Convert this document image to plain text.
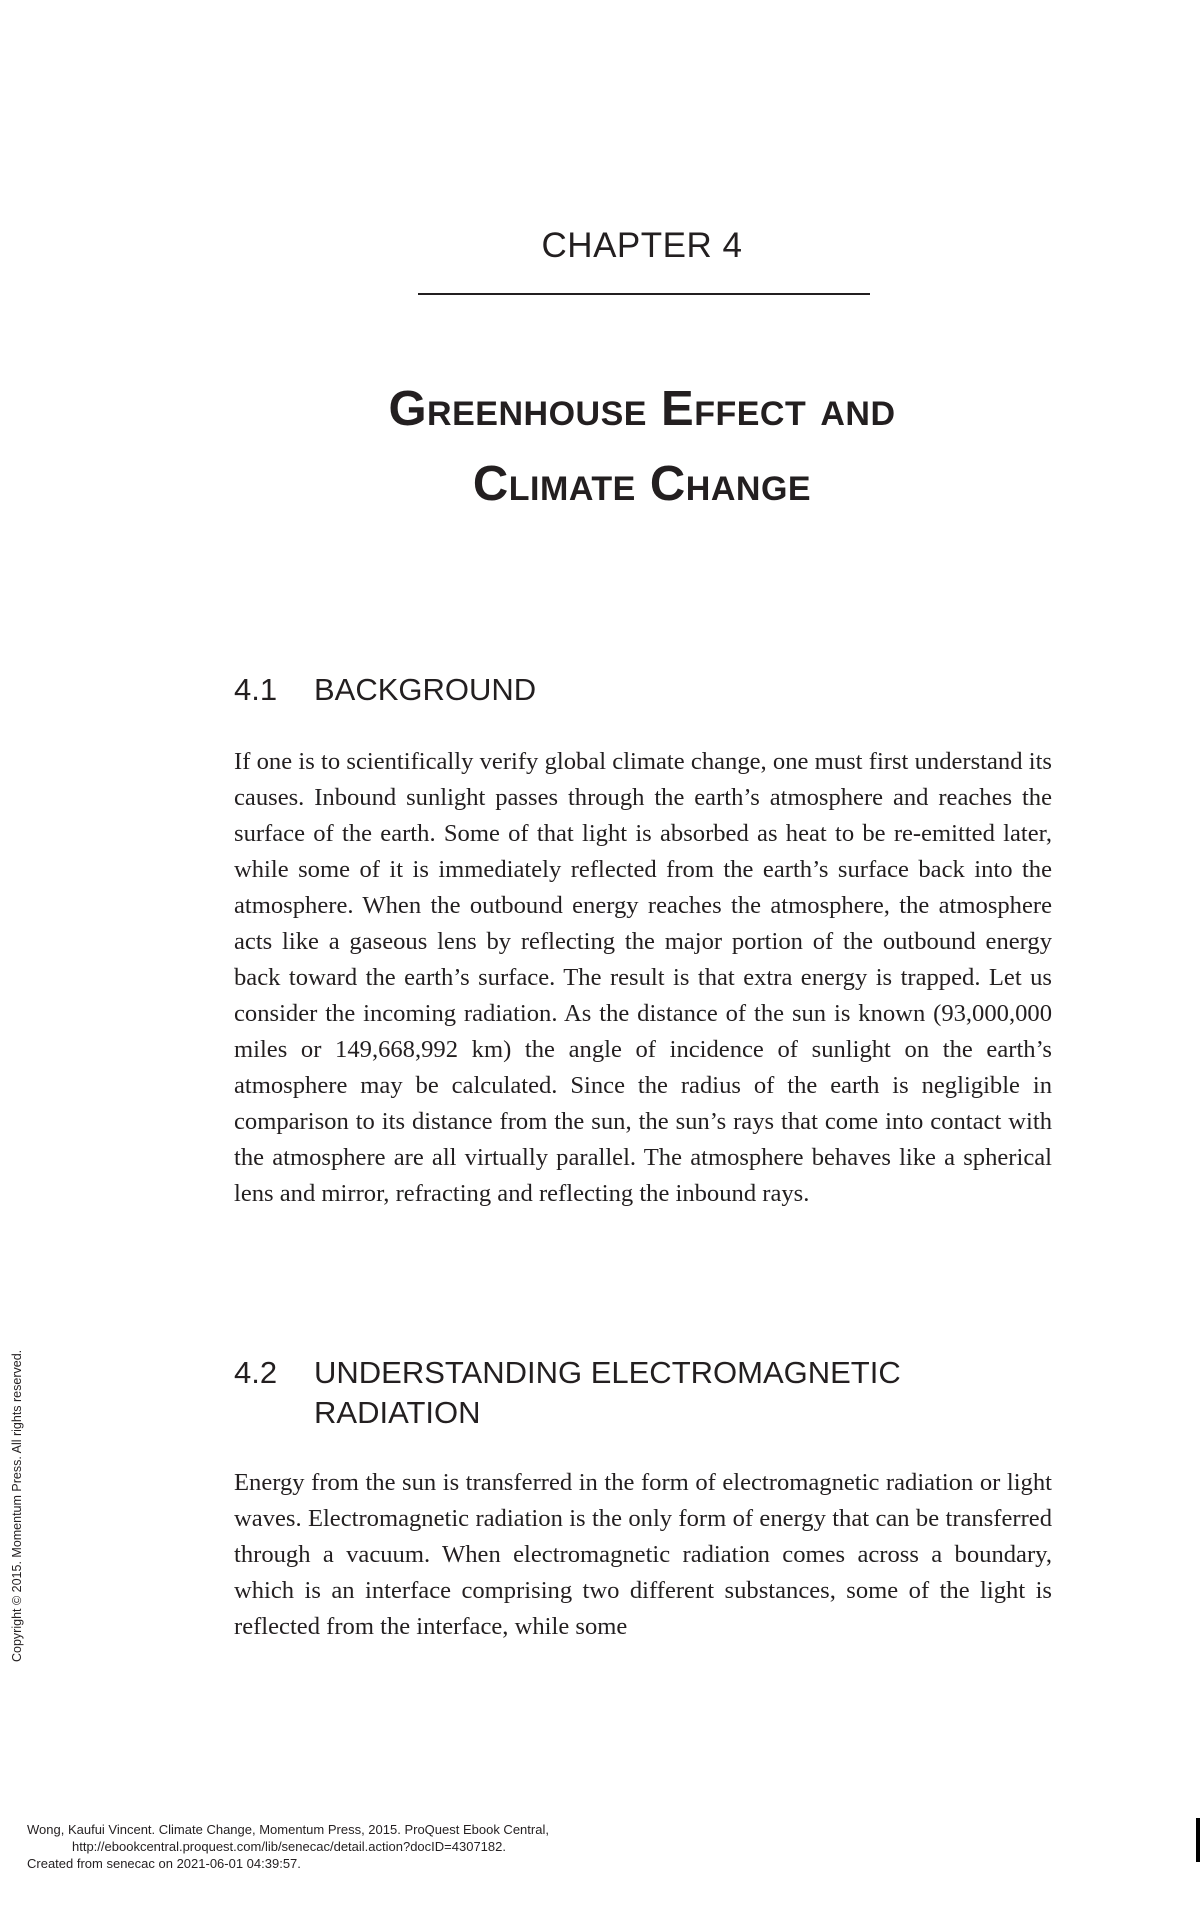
CHAPTER 4
Greenhouse Effect and
Climate Change
4.1 BACKGROUND

If one is to scientifically verify global climate change, one must first understand its causes. Inbound sunlight passes through the earth’s atmosphere and reaches the surface of the earth. Some of that light is absorbed as heat to be re-emitted later, while some of it is immediately reflected from the earth’s surface back into the atmosphere. When the outbound energy reaches the atmosphere, the atmosphere acts like a gaseous lens by reflecting the major portion of the outbound energy back toward the earth’s surface. The result is that extra energy is trapped. Let us consider the incoming radiation. As the distance of the sun is known (93,000,000 miles or 149,668,992 km) the angle of incidence of sunlight on the earth’s atmosphere may be calculated. Since the radius of the earth is negligible in comparison to its distance from the sun, the sun’s rays that come into contact with the atmosphere are all virtually parallel. The atmosphere behaves like a spherical lens and mirror, refracting and reflecting the inbound rays.

4.2 UNDERSTANDING ELECTROMAGNETIC
RADIATION

Energy from the sun is transferred in the form of electromagnetic radiation or light waves. Electromagnetic radiation is the only form of energy that can be transferred through a vacuum. When electromagnetic radiation comes across a boundary, which is an interface comprising two different substances, some of the light is reflected from the interface, while some

Copyright © 2015. Momentum Press. All rights reserved.
Wong, Kaufui Vincent. Climate Change, Momentum Press, 2015. ProQuest Ebook Central,
http://ebookcentral.proquest.com/lib/senecac/detail.action?docID=4307182.
Created from senecac on 2021-06-01 04:39:57.
